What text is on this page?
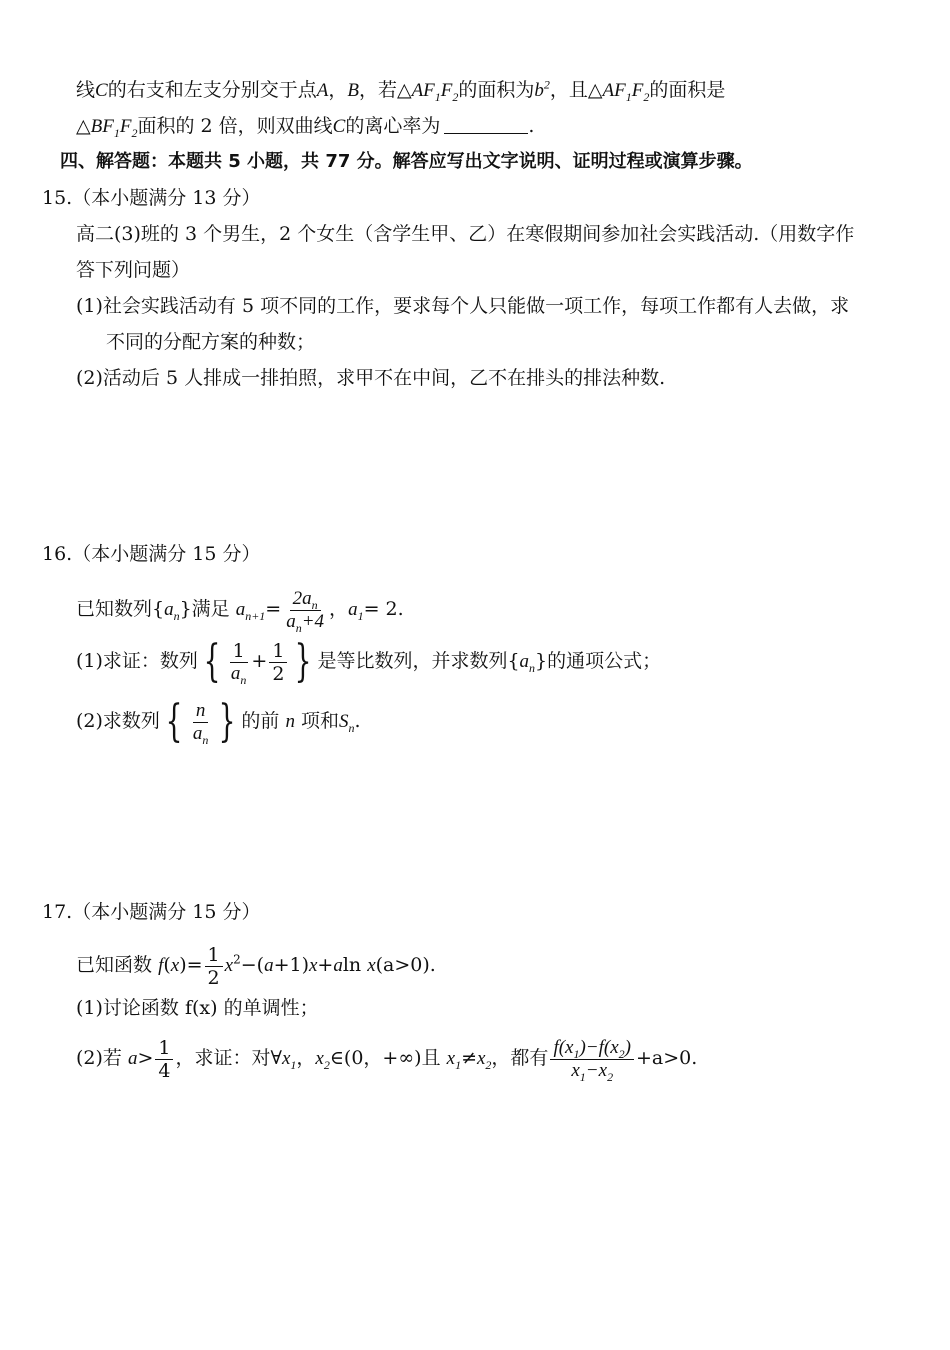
线C的右支和左支分别交于点A，B，若$\triangle AF_1F_2$的面积为$b^2$，且$\triangle AF_1F_2$的面积是
$\triangle BF_1F_2$面积的 2 倍，则双曲线C的离心率为	.
四、解答题：本题共 5 小题，共 77 分。解答应写出文字说明、证明过程或演算步骤。
15.（本小题满分 13 分）
高二(3)班的 3 个男生，2 个女生（含学生甲、乙）在寒假期间参加社会实践活动.（用数字作
答下列问题）
(1)社会实践活动有 5 项不同的工作，要求每个人只能做一项工作，每项工作都有人去做，求
不同的分配方案的种数；
(2)活动后 5 人排成一排拍照，求甲不在中间，乙不在排头的排法种数.
16.（本小题满分 15 分）
已知数列$\{a_n\}$满足 $a_{n+1}= \frac{2a_n}{a_n+4}$ ，$a_1= 2$.
(1)求证：数列 { $\frac{1}{a_n} + \frac{1}{2}$ } 是等比数列，并求数列$\{a_n\}$的通项公式；
(2)求数列 { $\frac{n}{a_n}$ } 的前 n 项和$S_n$.
17.（本小题满分 15 分）
已知函数 $f(x)= \frac{1}{2} x^2-(a+1)x+aln$ x(a>0).
(1)讨论函数 f(x) 的单调性；
(2)若 $a> \frac{1}{4}$ ，求证：对$\forall x_1$，$x_2\in(0$，+∞)且 $x_1\ne x_2$，都有 $\frac{f(x_1)-f(x_2)}{x_1-x_2} +a>0$.
